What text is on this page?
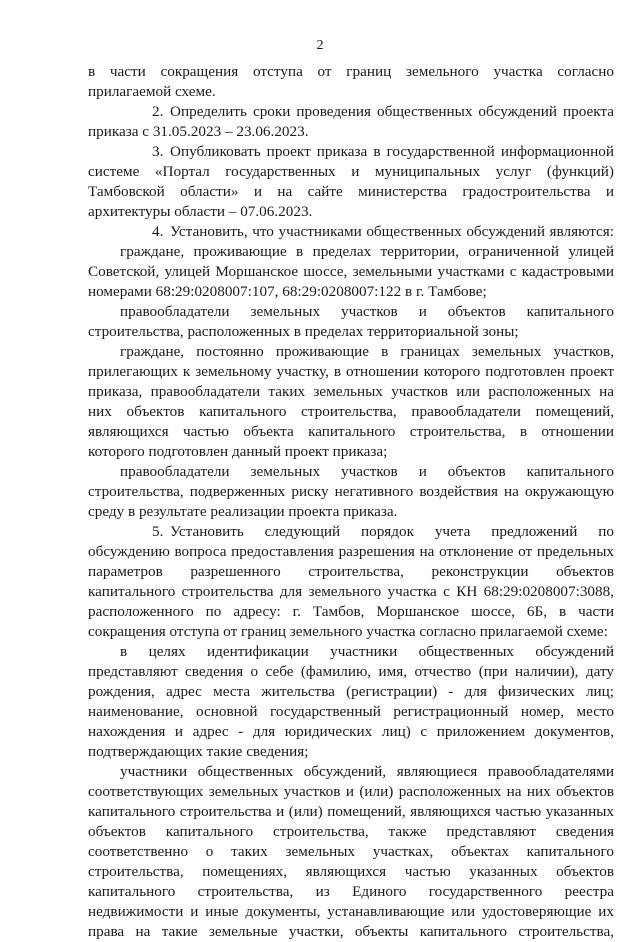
2

в части сокращения отступа от границ земельного участка согласно

прилагаемой схеме.

2. Определить сроки проведения общественных обсуждений проекта

приказа с 31.05.2023 – 23.06.2023.

3. Опубликовать проект приказа в государственной информационной

системе «Портал государственных и муниципальных услуг (функций)

Тамбовской области» и на сайте министерства градостроительства и

архитектуры области – 07.06.2023.

4. Установить, что участниками общественных обсуждений являются:

граждане, проживающие в пределах территории, ограниченной улицей

Советской, улицей Моршанское шоссе, земельными участками с кадастровыми

номерами 68:29:0208007:107, 68:29:0208007:122 в г. Тамбове;

правообладатели земельных участков и объектов капитального

строительства, расположенных в пределах территориальной зоны;

граждане, постоянно проживающие в границах земельных участков,

прилегающих к земельному участку, в отношении которого подготовлен проект

приказа, правообладатели таких земельных участков или расположенных на

них объектов капитального строительства, правообладатели помещений,

являющихся частью объекта капитального строительства, в отношении

которого подготовлен данный проект приказа;

правообладатели земельных участков и объектов капитального

строительства, подверженных риску негативного воздействия на окружающую

среду в результате реализации проекта приказа.

5. Установить следующий порядок учета предложений по

обсуждению вопроса предоставления разрешения на отклонение от предельных

параметров разрешенного строительства, реконструкции объектов

капитального строительства для земельного участка с КН 68:29:0208007:3088,

расположенного по адресу: г. Тамбов, Моршанское шоссе, 6Б, в части

сокращения отступа от границ земельного участка согласно прилагаемой схеме:

в целях идентификации участники общественных обсуждений

представляют сведения о себе (фамилию, имя, отчество (при наличии), дату

рождения, адрес места жительства (регистрации) - для физических лиц;

наименование, основной государственный регистрационный номер, место

нахождения и адрес - для юридических лиц) с приложением документов,

подтверждающих такие сведения;

участники общественных обсуждений, являющиеся правообладателями

соответствующих земельных участков и (или) расположенных на них объектов

капитального строительства и (или) помещений, являющихся частью указанных

объектов капитального строительства, также представляют сведения

соответственно о таких земельных участках, объектах капитального

строительства, помещениях, являющихся частью указанных объектов

капитального строительства, из Единого государственного реестра

недвижимости и иные документы, устанавливающие или удостоверяющие их

права на такие земельные участки, объекты капитального строительства,
